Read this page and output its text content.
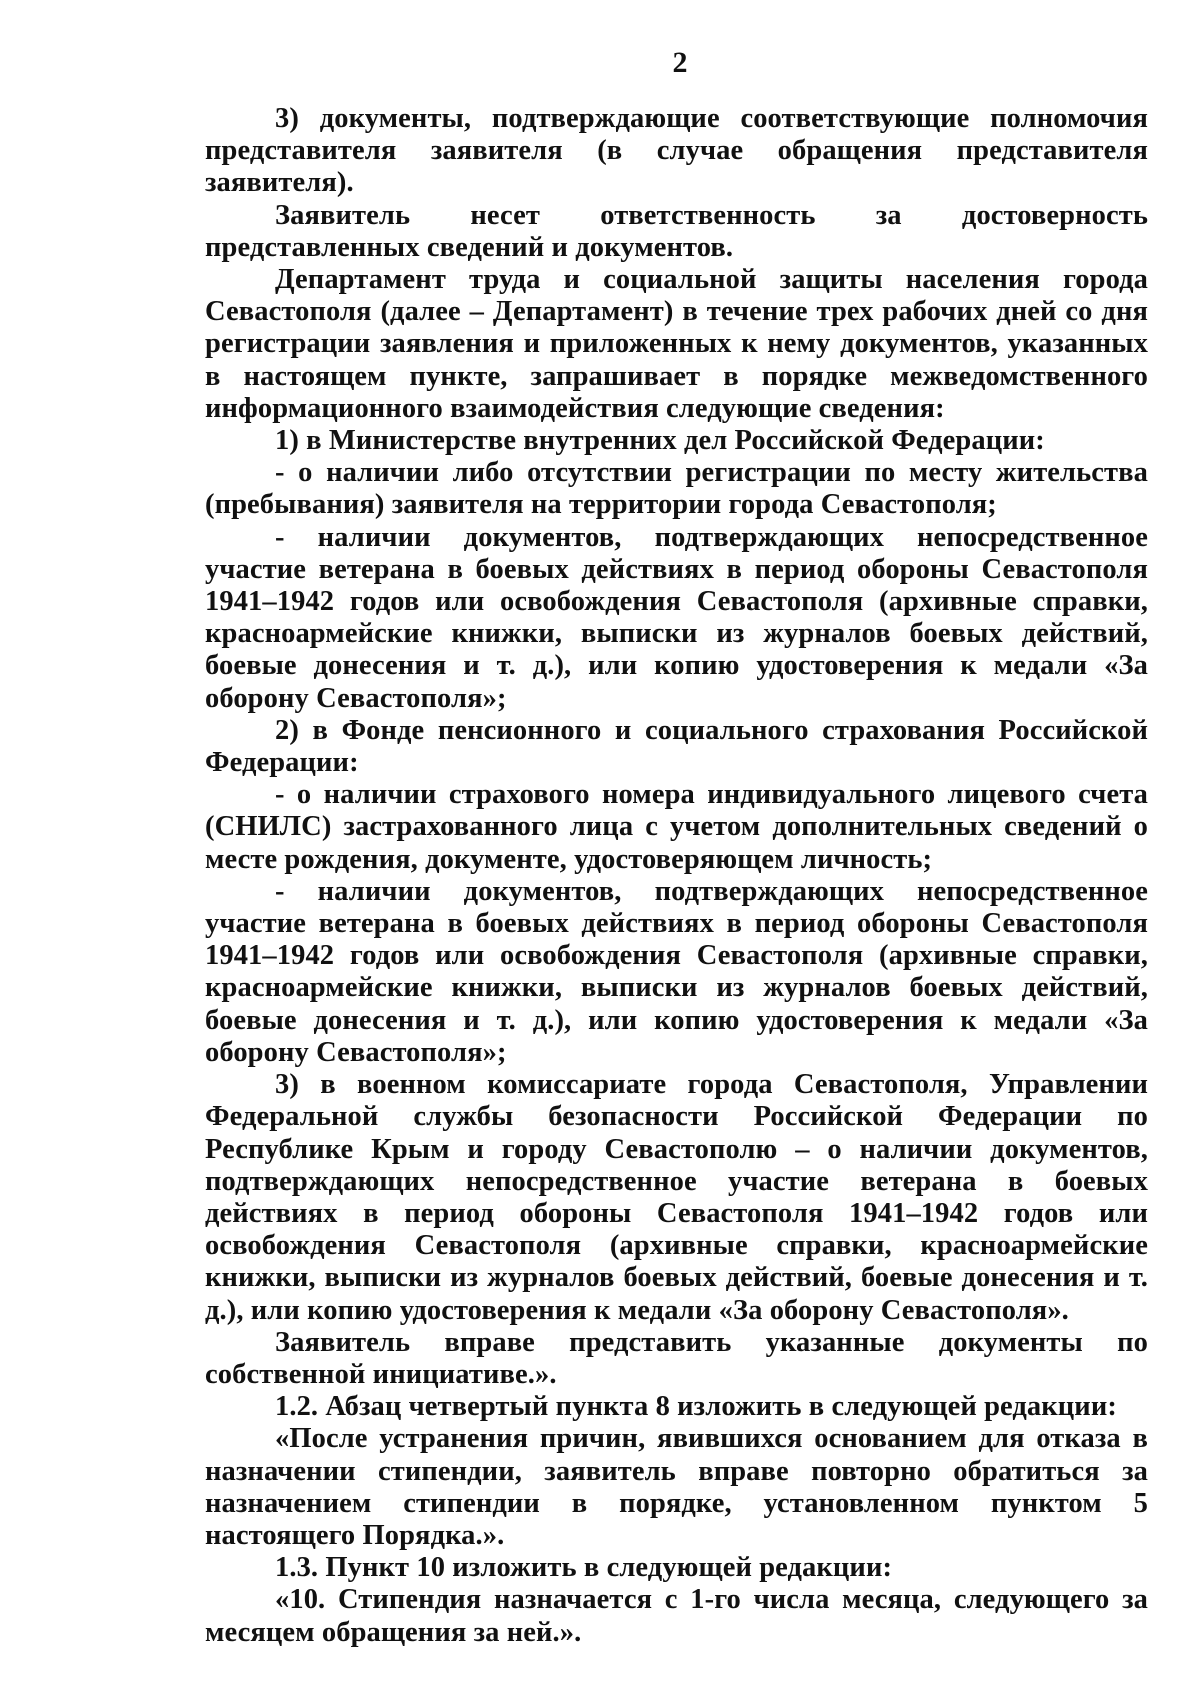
2

3) документы, подтверждающие соответствующие полномочия представителя заявителя (в случае обращения представителя заявителя).

Заявитель несет ответственность за достоверность представленных сведений и документов.

Департамент труда и социальной защиты населения города Севастополя (далее – Департамент) в течение трех рабочих дней со дня регистрации заявления и приложенных к нему документов, указанных в настоящем пункте, запрашивает в порядке межведомственного информационного взаимодействия следующие сведения:

1) в Министерстве внутренних дел Российской Федерации:

- о наличии либо отсутствии регистрации по месту жительства (пребывания) заявителя на территории города Севастополя;

- наличии документов, подтверждающих непосредственное участие ветерана в боевых действиях в период обороны Севастополя 1941–1942 годов или освобождения Севастополя (архивные справки, красноармейские книжки, выписки из журналов боевых действий, боевые донесения и т. д.), или копию удостоверения к медали «За оборону Севастополя»;

2) в Фонде пенсионного и социального страхования Российской Федерации:

- о наличии страхового номера индивидуального лицевого счета (СНИЛС) застрахованного лица с учетом дополнительных сведений о месте рождения, документе, удостоверяющем личность;

- наличии документов, подтверждающих непосредственное участие ветерана в боевых действиях в период обороны Севастополя 1941–1942 годов или освобождения Севастополя (архивные справки, красноармейские книжки, выписки из журналов боевых действий, боевые донесения и т. д.), или копию удостоверения к медали «За оборону Севастополя»;

3) в военном комиссариате города Севастополя, Управлении Федеральной службы безопасности Российской Федерации по Республике Крым и городу Севастополю – о наличии документов, подтверждающих непосредственное участие ветерана в боевых действиях в период обороны Севастополя 1941–1942 годов или освобождения Севастополя (архивные справки, красноармейские книжки, выписки из журналов боевых действий, боевые донесения и т. д.), или копию удостоверения к медали «За оборону Севастополя».

Заявитель вправе представить указанные документы по собственной инициативе.».

1.2. Абзац четвертый пункта 8 изложить в следующей редакции:

«После устранения причин, явившихся основанием для отказа в назначении стипендии, заявитель вправе повторно обратиться за назначением стипендии в порядке, установленном пунктом 5 настоящего Порядка.».

1.3. Пункт 10 изложить в следующей редакции:

«10. Стипендия назначается с 1-го числа месяца, следующего за месяцем обращения за ней.».
